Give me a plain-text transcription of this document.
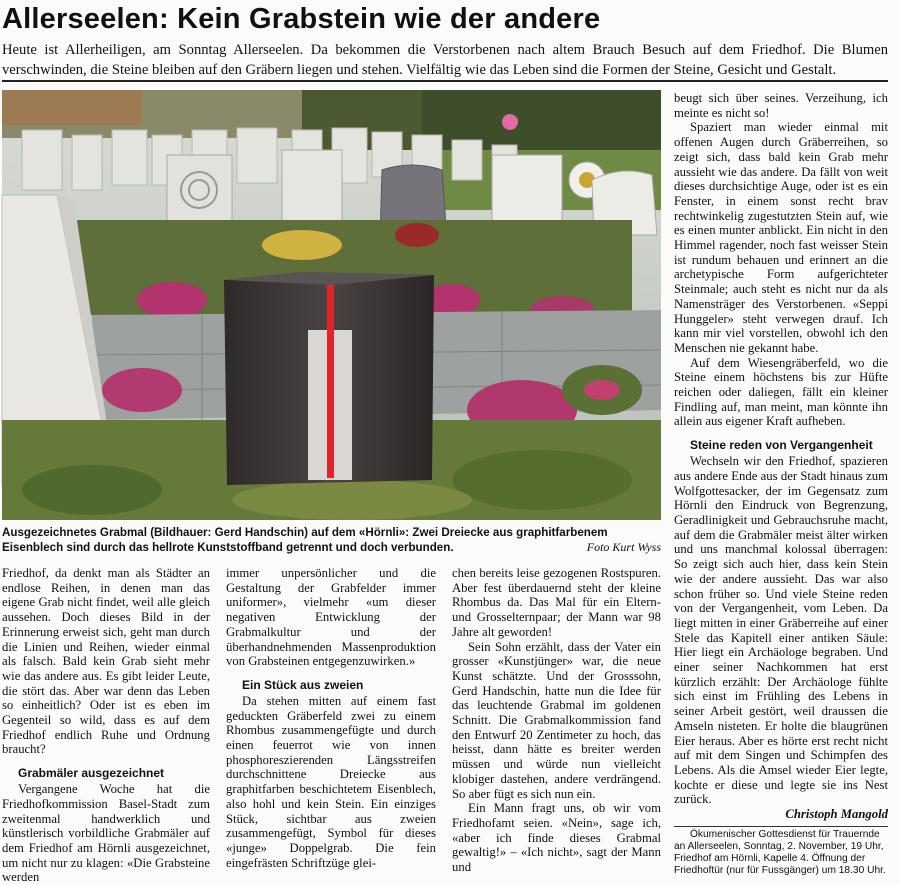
Allerseelen: Kein Grabstein wie der andere

Heute ist Allerheiligen, am Sonntag Allerseelen. Da bekommen die Verstorbenen nach altem Brauch Besuch auf dem Friedhof. Die Blumen verschwinden, die Steine bleiben auf den Gräbern liegen und stehen. Vielfältig wie das Leben sind die Formen der Steine, Gesicht und Gestalt.

Ausgezeichnetes Grabmal (Bildhauer: Gerd Handschin) auf dem «Hörnli»: Zwei Dreiecke aus graphitfarbenem Eisenblech sind durch das hellrote Kunststoffband getrennt und doch verbunden.	Foto Kurt Wyss

beugt sich über seines. Verzeihung, ich meinte es nicht so!

Spaziert man wieder einmal mit offenen Augen durch Gräberreihen, so zeigt sich, dass bald kein Grab mehr aussieht wie das andere. Da fällt von weit dieses durchsichtige Auge, oder ist es ein Fenster, in einem sonst recht brav rechtwinkelig zugestutzten Stein auf, wie es einen munter anblickt. Ein nicht in den Himmel ragender, noch fast weisser Stein ist rundum behauen und erinnert an die archetypische Form aufgerichteter Steinmale; auch steht es nicht nur da als Namensträger des Verstorbenen. «Seppi Hunggeler» steht verwegen drauf. Ich kann mir viel vorstellen, obwohl ich den Menschen nie gekannt habe.

Auf dem Wiesengräberfeld, wo die Steine einem höchstens bis zur Hüfte reichen oder daliegen, fällt ein kleiner Findling auf, man meint, man könnte ihn allein aus eigener Kraft aufheben.

Steine reden von Vergangenheit

Wechseln wir den Friedhof, spazieren aus andere Ende aus der Stadt hinaus zum Wolfgottesacker, der im Gegensatz zum Hörnli den Eindruck von Begrenzung, Geradlinigkeit und Gebrauchsruhe macht, auf dem die Grabmäler meist älter wirken und uns manchmal kolossal überragen: So zeigt sich auch hier, dass kein Stein wie der andere aussieht. Das war also schon früher so. Und viele Steine reden von der Vergangenheit, vom Leben. Da liegt mitten in einer Gräberreihe auf einer Stele das Kapitell einer antiken Säule: Hier liegt ein Archäologe begraben. Und einer seiner Nachkommen hat erst kürzlich erzählt: Der Archäologe fühlte sich einst im Frühling des Lebens in seiner Arbeit gestört, weil draussen die Amseln nisteten. Er holte die blaugrünen Eier heraus. Aber es hörte erst recht nicht auf mit dem Singen und Schimpfen des Lebens. Als die Amsel wieder Eier legte, kochte er diese und legte sie ins Nest zurück.

Christoph Mangold

Ökumenischer Gottesdienst für Trauernde an Allerseelen, Sonntag, 2. November, 19 Uhr, Friedhof am Hörnli, Kapelle 4. Öffnung der Friedhoftür (nur für Fussgänger) um 18.30 Uhr.

Friedhof, da denkt man als Städter an endlose Reihen, in denen man das eigene Grab nicht findet, weil alle gleich aussehen. Doch dieses Bild in der Erinnerung erweist sich, geht man durch die Linien und Reihen, wieder einmal als falsch. Bald kein Grab sieht mehr wie das andere aus. Es gibt leider Leute, die stört das. Aber war denn das Leben so einheitlich? Oder ist es eben im Gegenteil so wild, dass es auf dem Friedhof endlich Ruhe und Ordnung braucht?

Grabmäler ausgezeichnet

Vergangene Woche hat die Friedhofkommission Basel-Stadt zum zweitenmal handwerklich und künstlerisch vorbildliche Grabmäler auf dem Friedhof am Hörnli ausgezeichnet, um nicht nur zu klagen: «Die Grabsteine werden

immer unpersönlicher und die Gestaltung der Grabfelder immer uniformer», vielmehr «um dieser negativen Entwicklung der Grabmalkultur und der überhandnehmenden Massenproduktion von Grabsteinen entgegenzuwirken.»

Ein Stück aus zweien

Da stehen mitten auf einem fast geduckten Gräberfeld zwei zu einem Rhombus zusammengefügte und durch einen feuerrot wie von innen phosphoreszierenden Längsstreifen durchschnittene Dreiecke aus graphitfarben beschichtetem Eisenblech, also hohl und kein Stein. Ein einziges Stück, sichtbar aus zweien zusammengefügt, Symbol für dieses «junge» Doppelgrab. Die fein eingefrästen Schriftzüge glei-

chen bereits leise gezogenen Rostspuren. Aber fest überdauernd steht der kleine Rhombus da. Das Mal für ein Eltern- und Grosselternpaar; der Mann war 98 Jahre alt geworden!

Sein Sohn erzählt, dass der Vater ein grosser «Kunstjünger» war, die neue Kunst schätzte. Und der Grosssohn, Gerd Handschin, hatte nun die Idee für das leuchtende Grabmal im goldenen Schnitt. Die Grabmalkommission fand den Entwurf 20 Zentimeter zu hoch, das heisst, dann hätte es breiter werden müssen und würde nun vielleicht klobiger dastehen, andere verdrängend. So aber fügt es sich nun ein.

Ein Mann fragt uns, ob wir vom Friedhofamt seien. «Nein», sage ich, «aber ich finde dieses Grabmal gewaltig!» – «Ich nicht», sagt der Mann und
